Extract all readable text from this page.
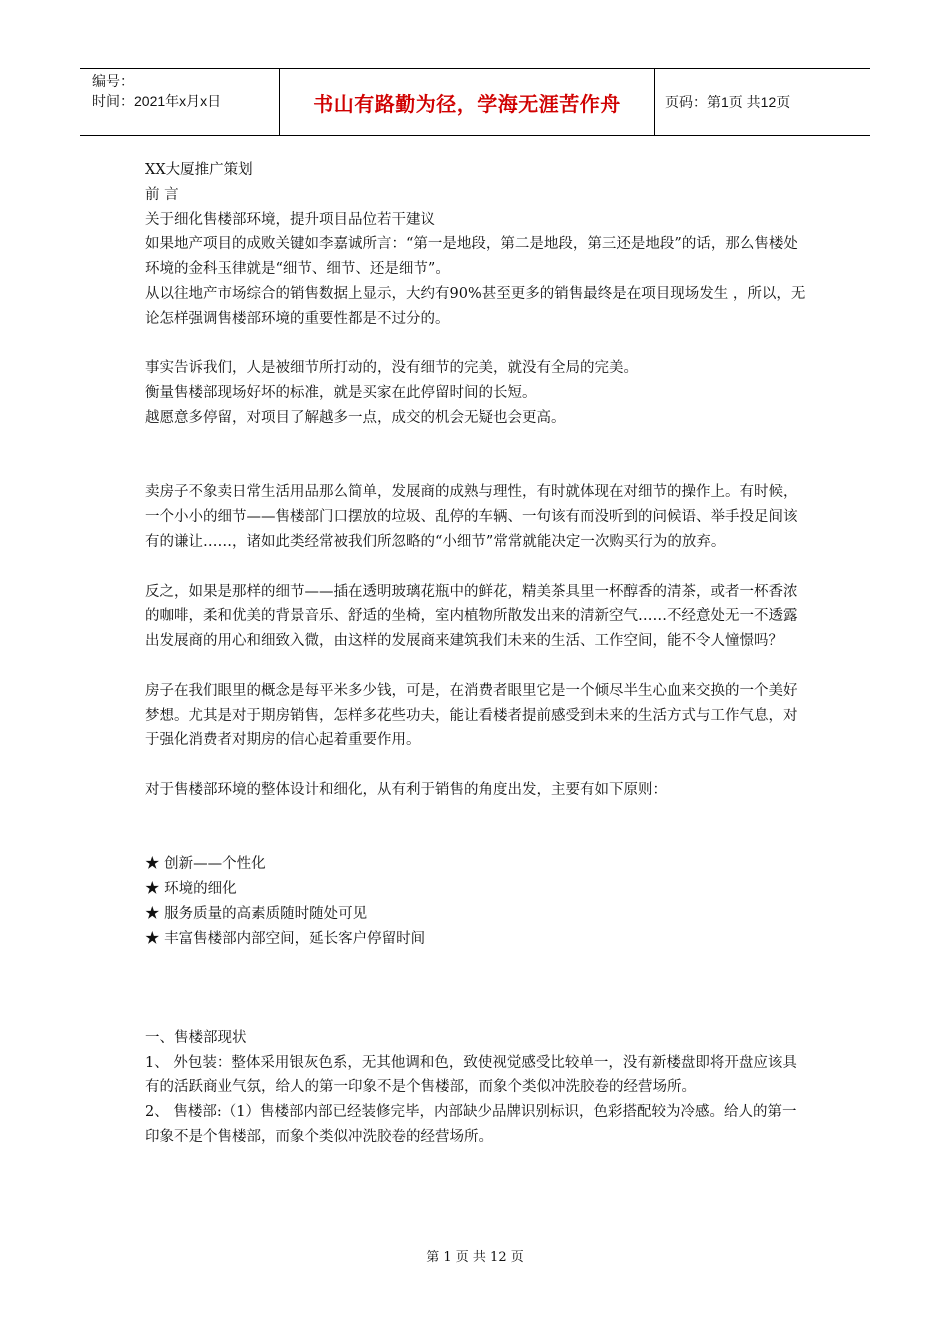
编号：
时间：2021年x月x日	书山有路勤为径，学海无涯苦作舟	页码：第1页 共12页

XX大厦推广策划

前 言

关于细化售楼部环境，提升项目品位若干建议

如果地产项目的成败关键如李嘉诚所言：“第一是地段，第二是地段，第三还是地段”的话，那么售楼处环境的金科玉律就是“细节、细节、还是细节”。

从以往地产市场综合的销售数据上显示，大约有90%甚至更多的销售最终是在项目现场发生 ，所以，无论怎样强调售楼部环境的重要性都是不过分的。

事实告诉我们，人是被细节所打动的，没有细节的完美，就没有全局的完美。

衡量售楼部现场好坏的标准，就是买家在此停留时间的长短。

越愿意多停留，对项目了解越多一点，成交的机会无疑也会更高。

卖房子不象卖日常生活用品那么简单，发展商的成熟与理性，有时就体现在对细节的操作上。有时候，一个小小的细节——售楼部门口摆放的垃圾、乱停的车辆、一句该有而没听到的问候语、举手投足间该有的谦让……，诸如此类经常被我们所忽略的“小细节”常常就能决定一次购买行为的放弃。

反之，如果是那样的细节——插在透明玻璃花瓶中的鲜花，精美茶具里一杯醇香的清茶，或者一杯香浓的咖啡，柔和优美的背景音乐、舒适的坐椅，室内植物所散发出来的清新空气……不经意处无一不透露出发展商的用心和细致入微，由这样的发展商来建筑我们未来的生活、工作空间，能不令人憧憬吗？

房子在我们眼里的概念是每平米多少钱，可是，在消费者眼里它是一个倾尽半生心血来交换的一个美好梦想。尤其是对于期房销售，怎样多花些功夫，能让看楼者提前感受到未来的生活方式与工作气息，对于强化消费者对期房的信心起着重要作用。

对于售楼部环境的整体设计和细化，从有利于销售的角度出发，主要有如下原则：

★ 创新——个性化

★ 环境的细化

★ 服务质量的高素质随时随处可见

★ 丰富售楼部内部空间，延长客户停留时间

一、售楼部现状

1、 外包装：整体采用银灰色系，无其他调和色，致使视觉感受比较单一，没有新楼盘即将开盘应该具有的活跃商业气氛，给人的第一印象不是个售楼部，而象个类似冲洗胶卷的经营场所。

2、 售楼部:（1）售楼部内部已经装修完毕，内部缺少品牌识别标识，色彩搭配较为冷感。给人的第一印象不是个售楼部，而象个类似冲洗胶卷的经营场所。

第 1 页 共 12 页
